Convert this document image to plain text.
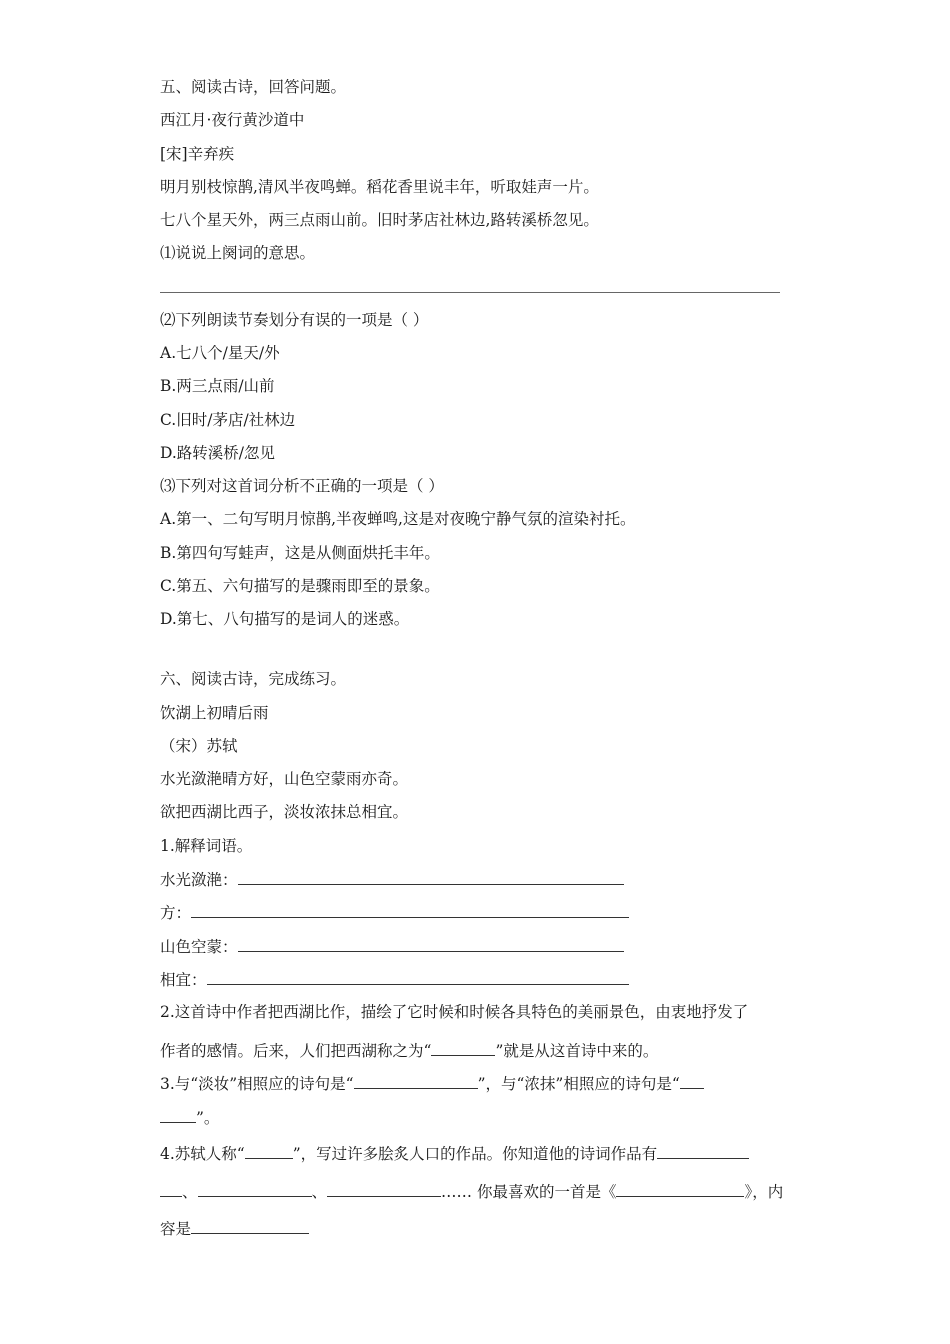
五、阅读古诗，回答问题。
西江月·夜行黄沙道中
[宋]辛弃疾
明月别枝惊鹊,清风半夜鸣蝉。稻花香里说丰年，听取娃声一片。
七八个星天外，两三点雨山前。旧时茅店社林边,路转溪桥忽见。
⑴说说上阕词的意思。
⑵下列朗读节奏划分有误的一项是（ ）
A.七八个/星天/外
B.两三点雨/山前
C.旧时/茅店/社林边
D.路转溪桥/忽见
⑶下列对这首词分析不正确的一项是（ ）
A.第一、二句写明月惊鹊,半夜蝉鸣,这是对夜晚宁静气氛的渲染衬托。
B.第四句写蛙声，这是从侧面烘托丰年。
C.第五、六句描写的是骤雨即至的景象。
D.第七、八句描写的是词人的迷惑。
六、阅读古诗，完成练习。
饮湖上初晴后雨
（宋）苏轼
水光潋滟晴方好，山色空蒙雨亦奇。
欲把西湖比西子，淡妆浓抹总相宜。
1.解释词语。
水光潋滟：
方：
山色空蒙：
相宜：
2.这首诗中作者把西湖比作，描绘了它时候和时候各具特色的美丽景色，由衷地抒发了
作者的感情。后来，人们把西湖称之为“	”就是从这首诗中来的。
3.与“淡妆”相照应的诗句是“	”，与“浓抹”相照应的诗句是“
”。
4.苏轼人称“	”，写过许多脍炙人口的作品。你知道他的诗词作品有
、	、	…… 你最喜欢的一首是《	》，内
容是
